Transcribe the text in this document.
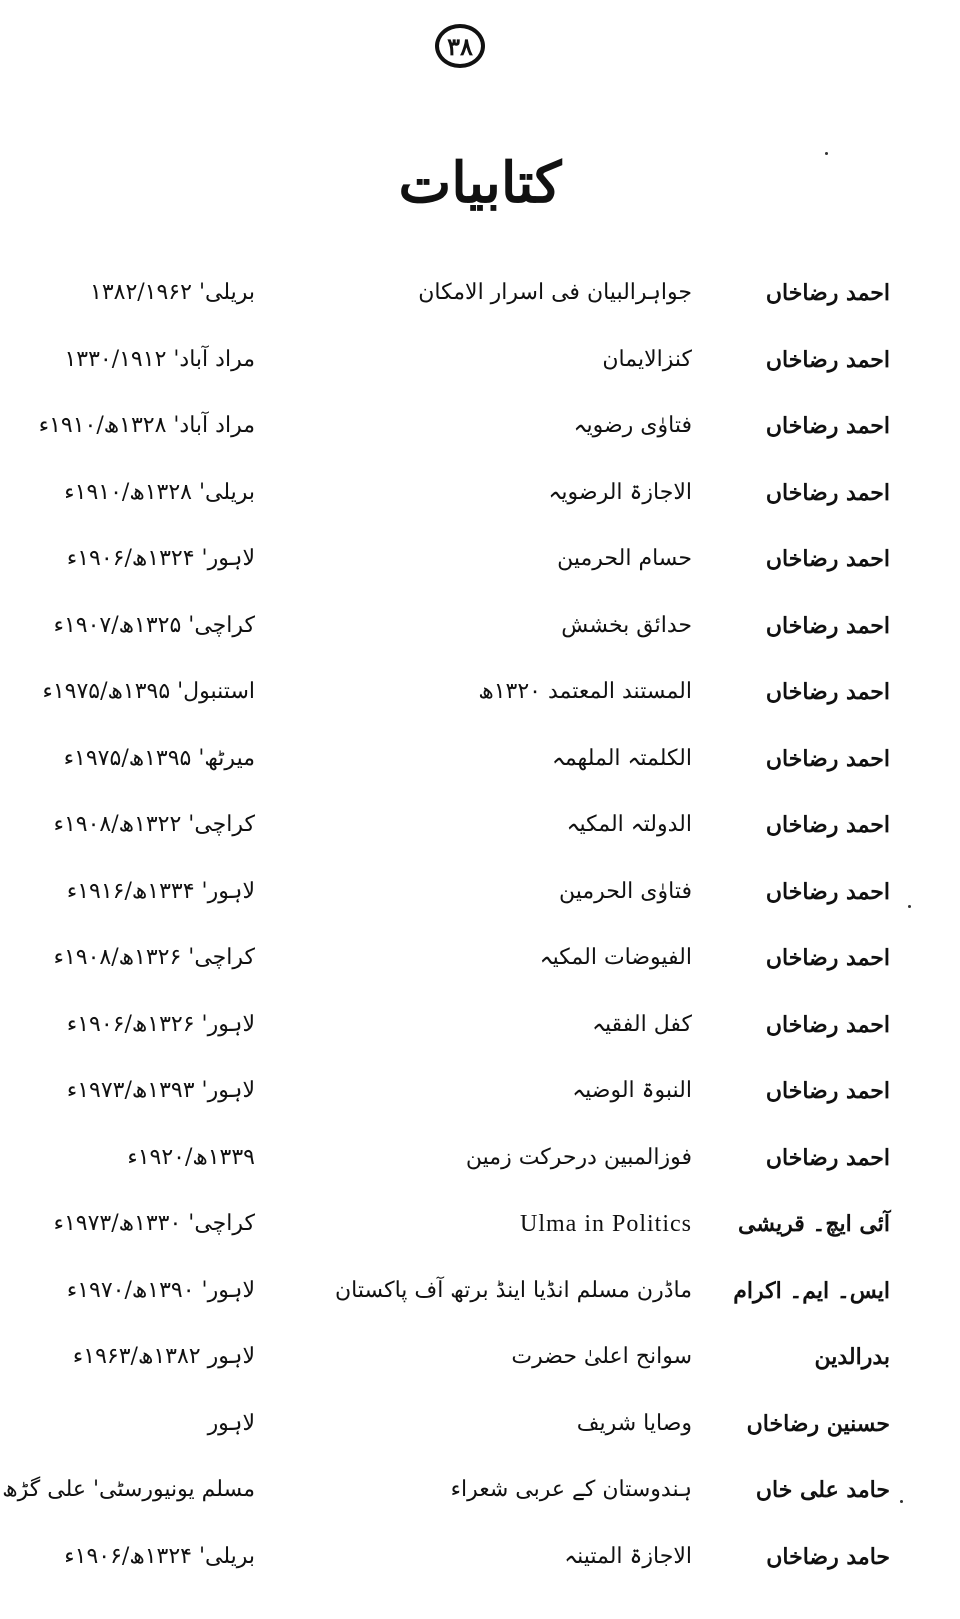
۳۸
کتابیات
احمد رضاخاں
جواہرالبیان فی اسرار الامکان
بریلی' ۱۳۸۲/۱۹۶۲
احمد رضاخاں
کنزالایمان
مراد آباد' ۱۳۳۰/۱۹۱۲
احمد رضاخاں
فتاوٰی رضویہ
مراد آباد' ۱۳۲۸ھ/۱۹۱۰ء
احمد رضاخاں
الاجازۃ الرضویہ
بریلی' ۱۳۲۸ھ/۱۹۱۰ء
احمد رضاخاں
حسام الحرمین
لاہور' ۱۳۲۴ھ/۱۹۰۶ء
احمد رضاخاں
حدائق بخشش
کراچی' ۱۳۲۵ھ/۱۹۰۷ء
احمد رضاخاں
المستند المعتمد ۱۳۲۰ھ
استنبول' ۱۳۹۵ھ/۱۹۷۵ء
احمد رضاخاں
الکلمتہ الملھمہ
میرٹھ' ۱۳۹۵ھ/۱۹۷۵ء
احمد رضاخاں
الدولتہ المکیہ
کراچی' ۱۳۲۲ھ/۱۹۰۸ء
احمد رضاخاں
فتاوٰی الحرمین
لاہور' ۱۳۳۴ھ/۱۹۱۶ء
احمد رضاخاں
الفیوضات المکیہ
کراچی' ۱۳۲۶ھ/۱۹۰۸ء
احمد رضاخاں
کفل الفقیہ
لاہور' ۱۳۲۶ھ/۱۹۰۶ء
احمد رضاخاں
النبوۃ الوضیہ
لاہور' ۱۳۹۳ھ/۱۹۷۳ء
احمد رضاخاں
فوزالمبین درحرکت زمین
۱۳۳۹ھ/۱۹۲۰ء
آئی ایچ۔ قریشی
Ulma in Politics
کراچی' ۱۳۳۰ھ/۱۹۷۳ء
ایس۔ ایم۔ اکرام
ماڈرن مسلم انڈیا اینڈ برتھ آف پاکستان
لاہور' ۱۳۹۰ھ/۱۹۷۰ء
بدرالدین
سوانح اعلیٰ حضرت
لاہور ۱۳۸۲ھ/۱۹۶۳ء
حسنین رضاخاں
وصایا شریف
لاہور
حامد علی خاں
ہندوستان کے عربی شعراء
مسلم یونیورسٹی' علی گڑھ
حامد رضاخاں
الاجازۃ المتینہ
بریلی' ۱۳۲۴ھ/۱۹۰۶ء
